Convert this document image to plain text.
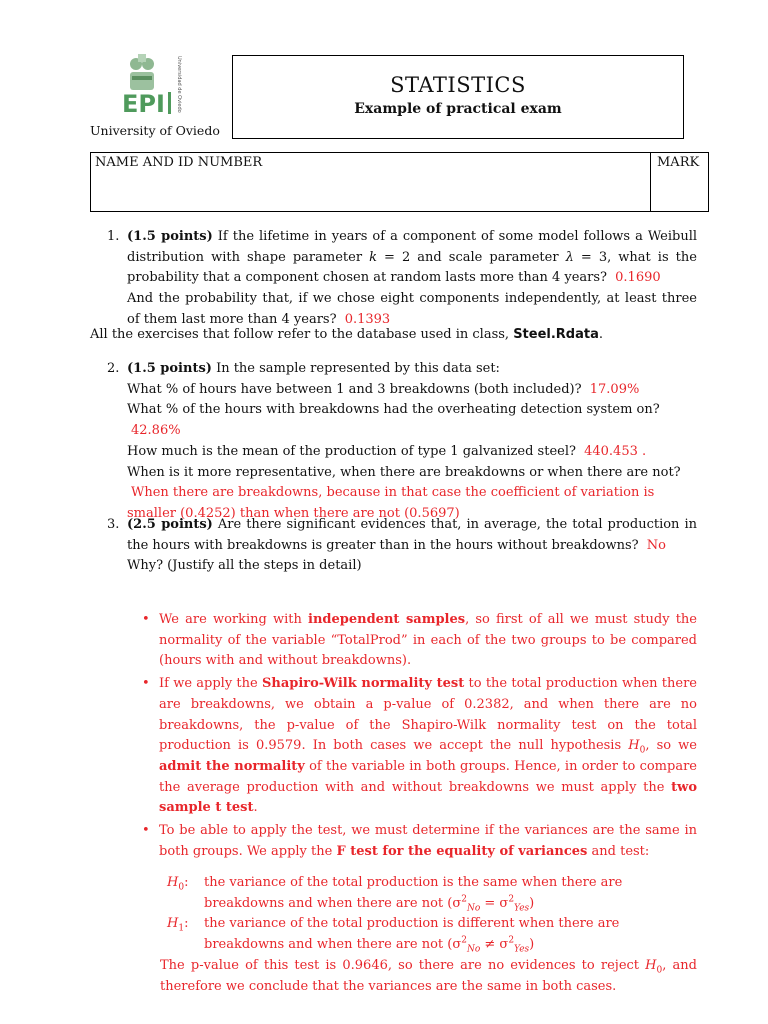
EPI Universidad de Oviedo
University of Oviedo
STATISTICS
Example of practical exam
NAME AND ID NUMBER	MARK
1. (1.5 points) If the lifetime in years of a component of some model follows a Weibull distribution with shape parameter k = 2 and scale parameter λ = 3, what is the probability that a component chosen at random lasts more than 4 years? 0.1690
And the probability that, if we chose eight components independently, at least three of them last more than 4 years? 0.1393
All the exercises that follow refer to the database used in class, Steel.Rdata.
2. (1.5 points) In the sample represented by this data set:
What % of hours have between 1 and 3 breakdowns (both included)? 17.09%
What % of the hours with breakdowns had the overheating detection system on? 42.86%
How much is the mean of the production of type 1 galvanized steel? 440.453 .
When is it more representative, when there are breakdowns or when there are not? When there are breakdowns, because in that case the coefficient of variation is smaller (0.4252) than when there are not (0.5697)
3. (2.5 points) Are there significant evidences that, in average, the total production in the hours with breakdowns is greater than in the hours without breakdowns? No
Why? (Justify all the steps in detail)
• We are working with independent samples, so first of all we must study the normality of the variable “TotalProd” in each of the two groups to be compared (hours with and without breakdowns).
• If we apply the Shapiro-Wilk normality test to the total production when there are breakdowns, we obtain a p-value of 0.2382, and when there are no breakdowns, the p-value of the Shapiro-Wilk normality test on the total production is 0.9579. In both cases we accept the null hypothesis $H_0$, so we admit the normality of the variable in both groups. Hence, in order to compare the average production with and without breakdowns we must apply the two sample t test.
• To be able to apply the test, we must determine if the variances are the same in both groups. We apply the F test for the equality of variances and test:
$H_0$: the variance of the total production is the same when there are breakdowns and when there are not $(\sigma^2_{No} = \sigma^2_{Yes})$
$H_1$: the variance of the total production is different when there are breakdowns and when there are not $(\sigma^2_{No} \ne \sigma^2_{Yes})$
The p-value of this test is 0.9646, so there are no evidences to reject $H_0$, and therefore we conclude that the variances are the same in both cases.
